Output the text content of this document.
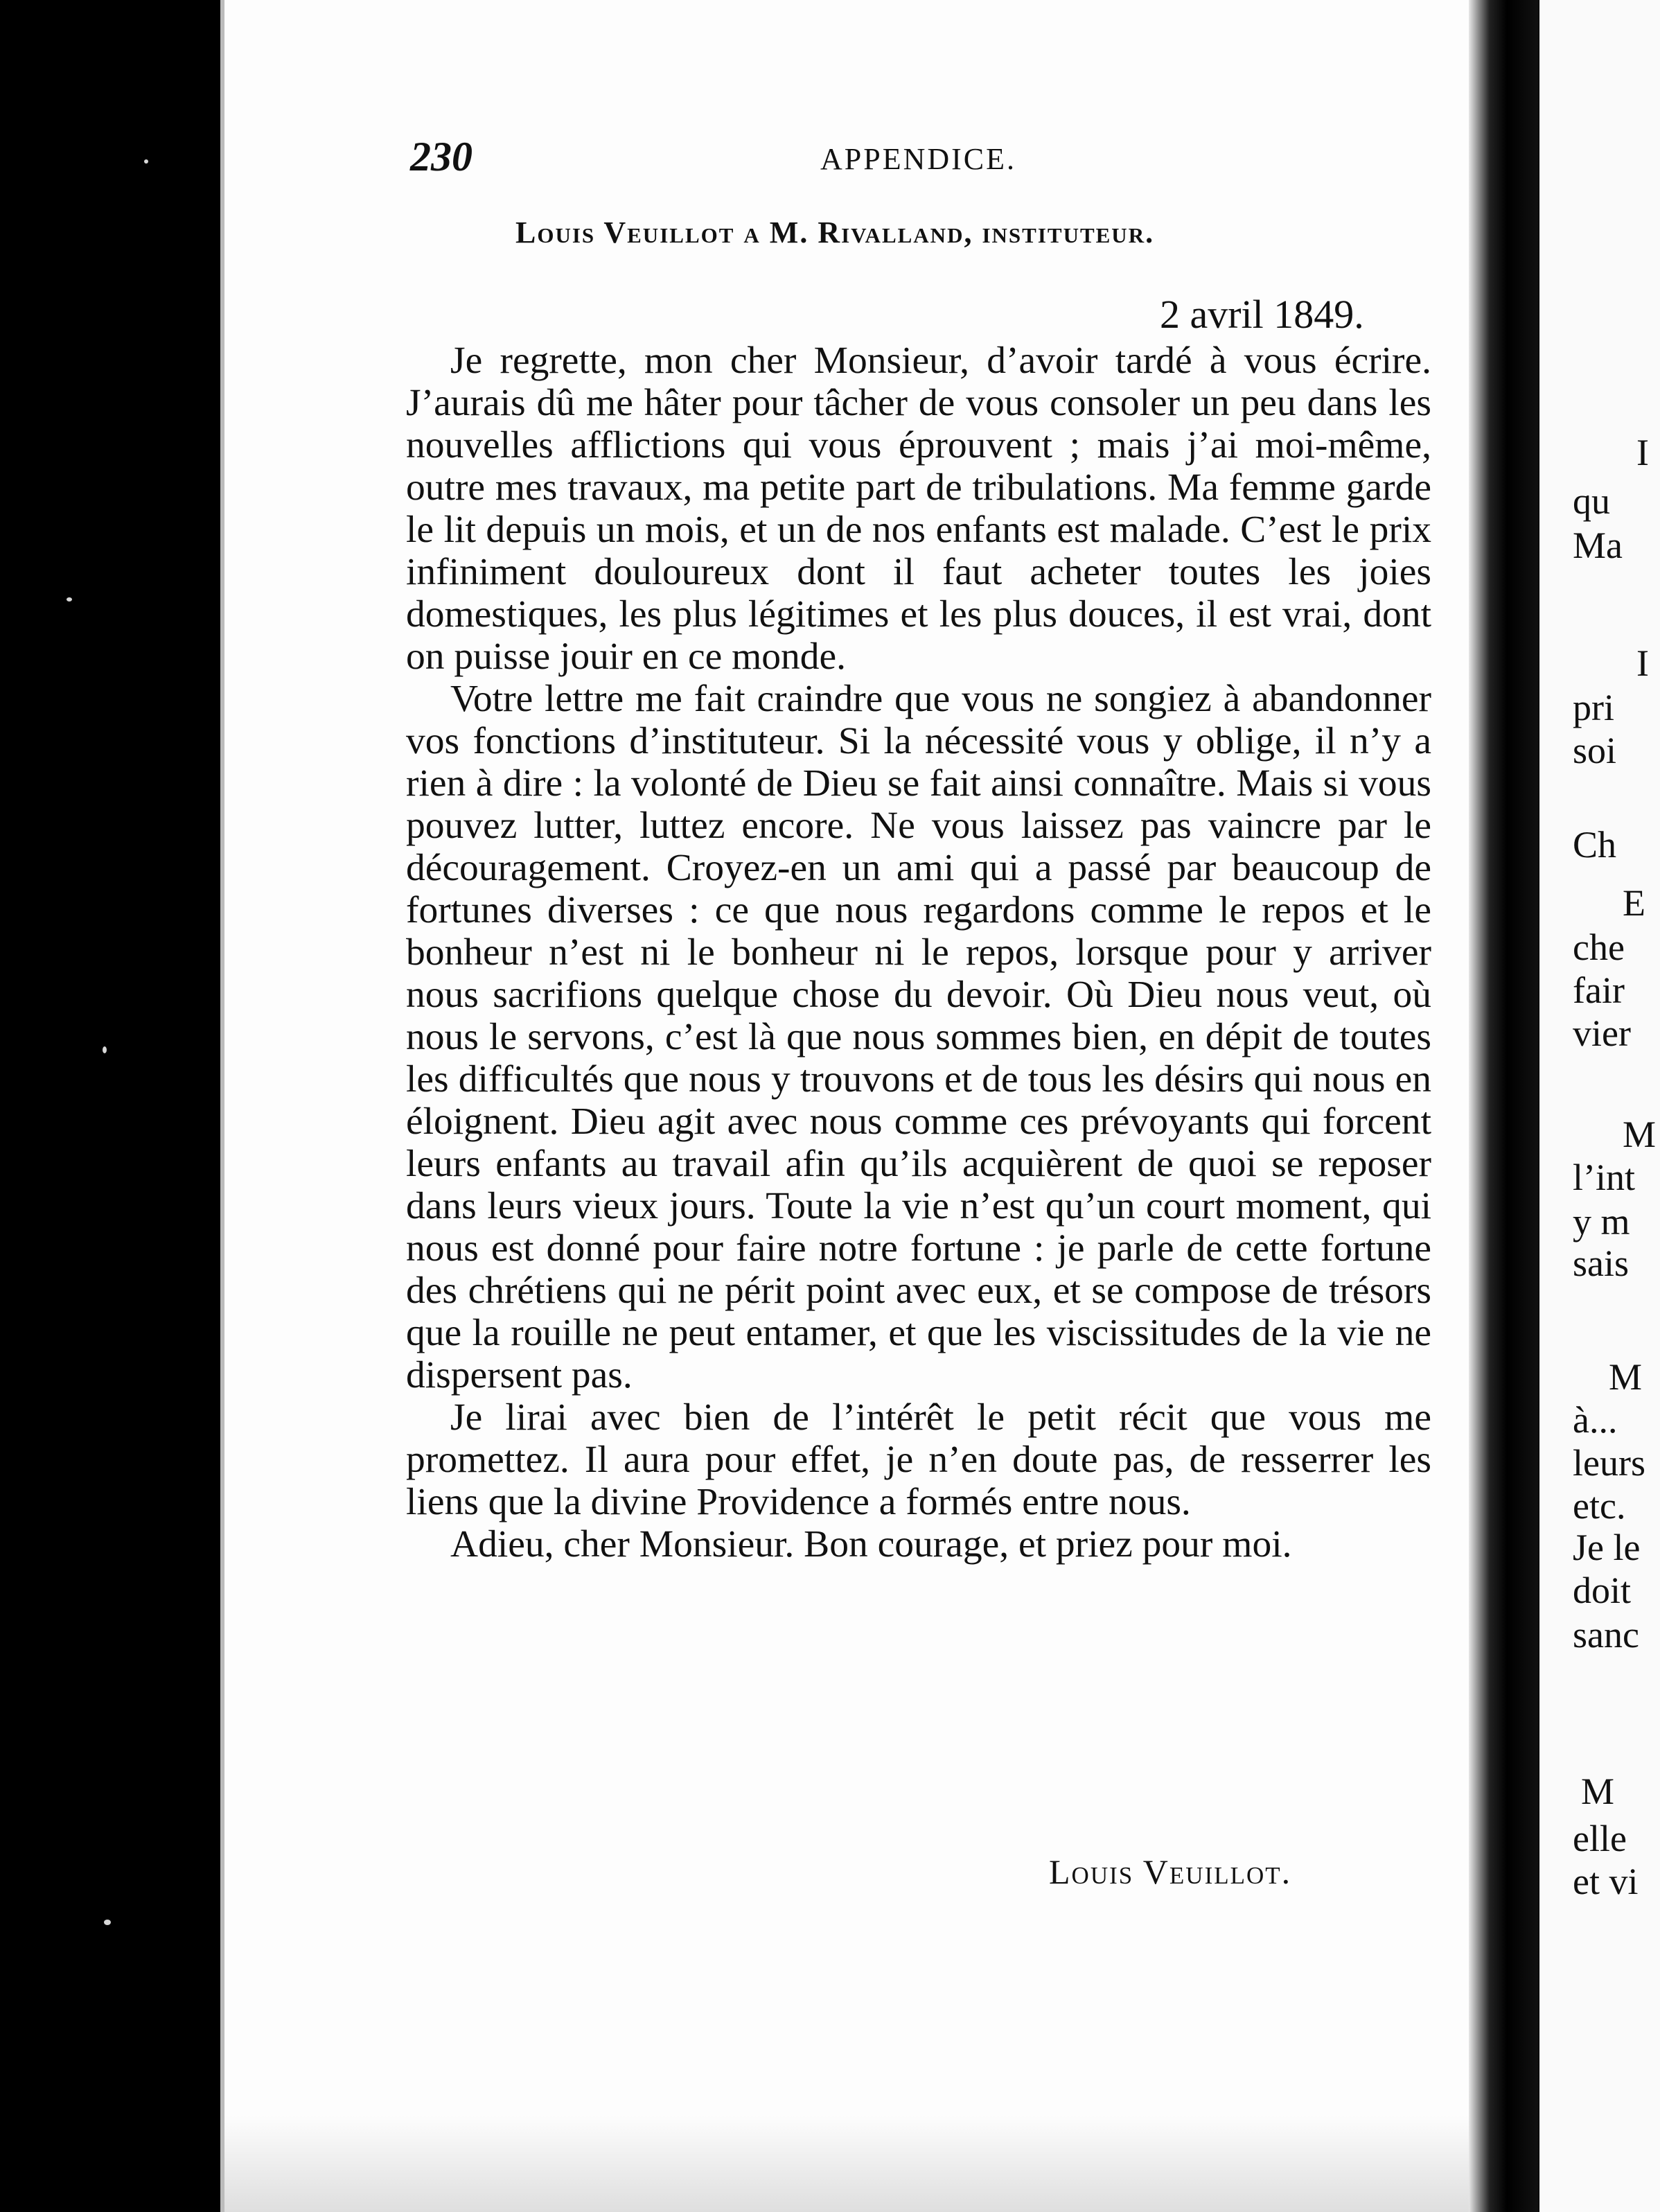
230	APPENDICE.
Louis Veuillot a M. Rivalland, instituteur.
2 avril 1849.

Je regrette, mon cher Monsieur, d’avoir tardé à vous écrire. J’aurais dû me hâter pour tâcher de vous consoler un peu dans les nouvelles afflictions qui vous éprouvent ; mais j’ai moi-même, outre mes travaux, ma petite part de tribulations. Ma femme garde le lit depuis un mois, et un de nos enfants est malade. C’est le prix infiniment douloureux dont il faut acheter toutes les joies domestiques, les plus légitimes et les plus douces, il est vrai, dont on puisse jouir en ce monde.

Votre lettre me fait craindre que vous ne songiez à abandonner vos fonctions d’instituteur. Si la nécessité vous y oblige, il n’y a rien à dire : la volonté de Dieu se fait ainsi connaître. Mais si vous pouvez lutter, luttez encore. Ne vous laissez pas vaincre par le découragement. Croyez-en un ami qui a passé par beaucoup de fortunes diverses : ce que nous regardons comme le repos et le bonheur n’est ni le bonheur ni le repos, lorsque pour y arriver nous sacrifions quelque chose du devoir. Où Dieu nous veut, où nous le servons, c’est là que nous sommes bien, en dépit de toutes les difficultés que nous y trouvons et de tous les désirs qui nous en éloignent. Dieu agit avec nous comme ces prévoyants qui forcent leurs enfants au travail afin qu’ils acquièrent de quoi se reposer dans leurs vieux jours. Toute la vie n’est qu’un court moment, qui nous est donné pour faire notre fortune : je parle de cette fortune des chrétiens qui ne périt point avec eux, et se compose de trésors que la rouille ne peut entamer, et que les viscissitudes de la vie ne dispersent pas.

Je lirai avec bien de l’intérêt le petit récit que vous me promettez. Il aura pour effet, je n’en doute pas, de resserrer les liens que la divine Providence a formés entre nous.

Adieu, cher Monsieur. Bon courage, et priez pour moi.

Louis Veuillot.
I
qu
Ma
I
pri
soi
Ch
E
che
fair
vier
M
l’int
y m
sais
M
à...
leurs
etc.
Je le
doit
sanc
M
elle
et vi
